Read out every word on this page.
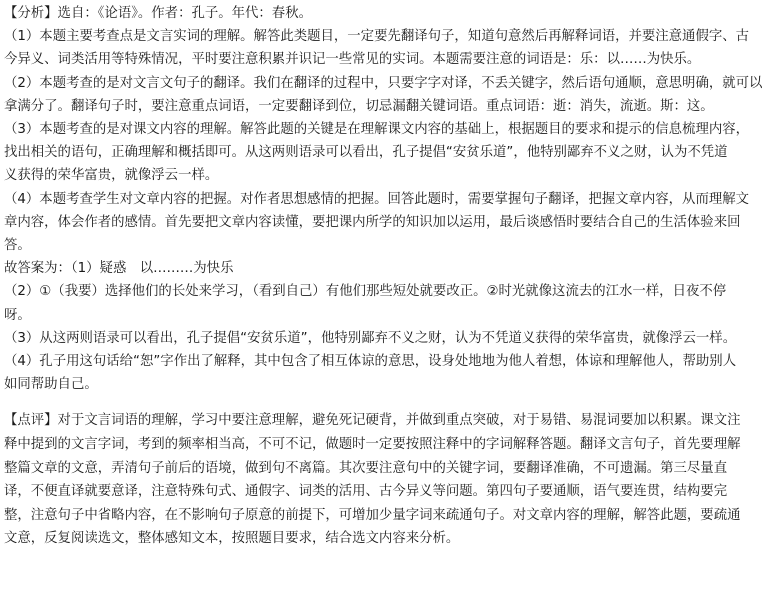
【分析】选自：《论语》。作者：孔子。年代：春秋。

（1）本题主要考查点是文言实词的理解。解答此类题目，一定要先翻译句子，知道句意然后再解释词语，并要注意通假字、古

今异义、词类活用等特殊情况，平时要注意积累并识记一些常见的实词。本题需要注意的词语是：乐：以……为快乐。

（2）本题考查的是对文言文句子的翻译。我们在翻译的过程中，只要字字对译，不丢关键字，然后语句通顺，意思明确，就可以

拿满分了。翻译句子时，要注意重点词语，一定要翻译到位，切忌漏翻关键词语。重点词语：逝：消失，流逝。斯：这。

（3）本题考查的是对课文内容的理解。解答此题的关键是在理解课文内容的基础上，根据题目的要求和提示的信息梳理内容，

找出相关的语句，正确理解和概括即可。从这两则语录可以看出，孔子提倡“安贫乐道”，他特别鄙弃不义之财，认为不凭道

义获得的荣华富贵，就像浮云一样。

（4）本题考查学生对文章内容的把握。对作者思想感情的把握。回答此题时，需要掌握句子翻译，把握文章内容，从而理解文

章内容，体会作者的感情。首先要把文章内容读懂，要把课内所学的知识加以运用，最后谈感悟时要结合自己的生活体验来回

答。

故答案为：（1）疑惑　以………为快乐

（2）①（我要）选择他们的长处来学习，（看到自己）有他们那些短处就要改正。②时光就像这流去的江水一样，日夜不停

呀。

（3）从这两则语录可以看出，孔子提倡“安贫乐道”，他特别鄙弃不义之财，认为不凭道义获得的荣华富贵，就像浮云一样。

（4）孔子用这句话给“恕”字作出了解释，其中包含了相互体谅的意思，设身处地地为他人着想，体谅和理解他人，帮助别人

如同帮助自己。

【点评】对于文言词语的理解，学习中要注意理解，避免死记硬背，并做到重点突破，对于易错、易混词要加以积累。课文注

释中提到的文言字词，考到的频率相当高，不可不记，做题时一定要按照注释中的字词解释答题。翻译文言句子，首先要理解

整篇文章的文意，弄清句子前后的语境，做到句不离篇。其次要注意句中的关键字词，要翻译准确，不可遗漏。第三尽量直

译，不便直译就要意译，注意特殊句式、通假字、词类的活用、古今异义等问题。第四句子要通顺，语气要连贯，结构要完

整，注意句子中省略内容，在不影响句子原意的前提下，可增加少量字词来疏通句子。对文章内容的理解，解答此题，要疏通

文意，反复阅读选文，整体感知文本，按照题目要求，结合选文内容来分析。
